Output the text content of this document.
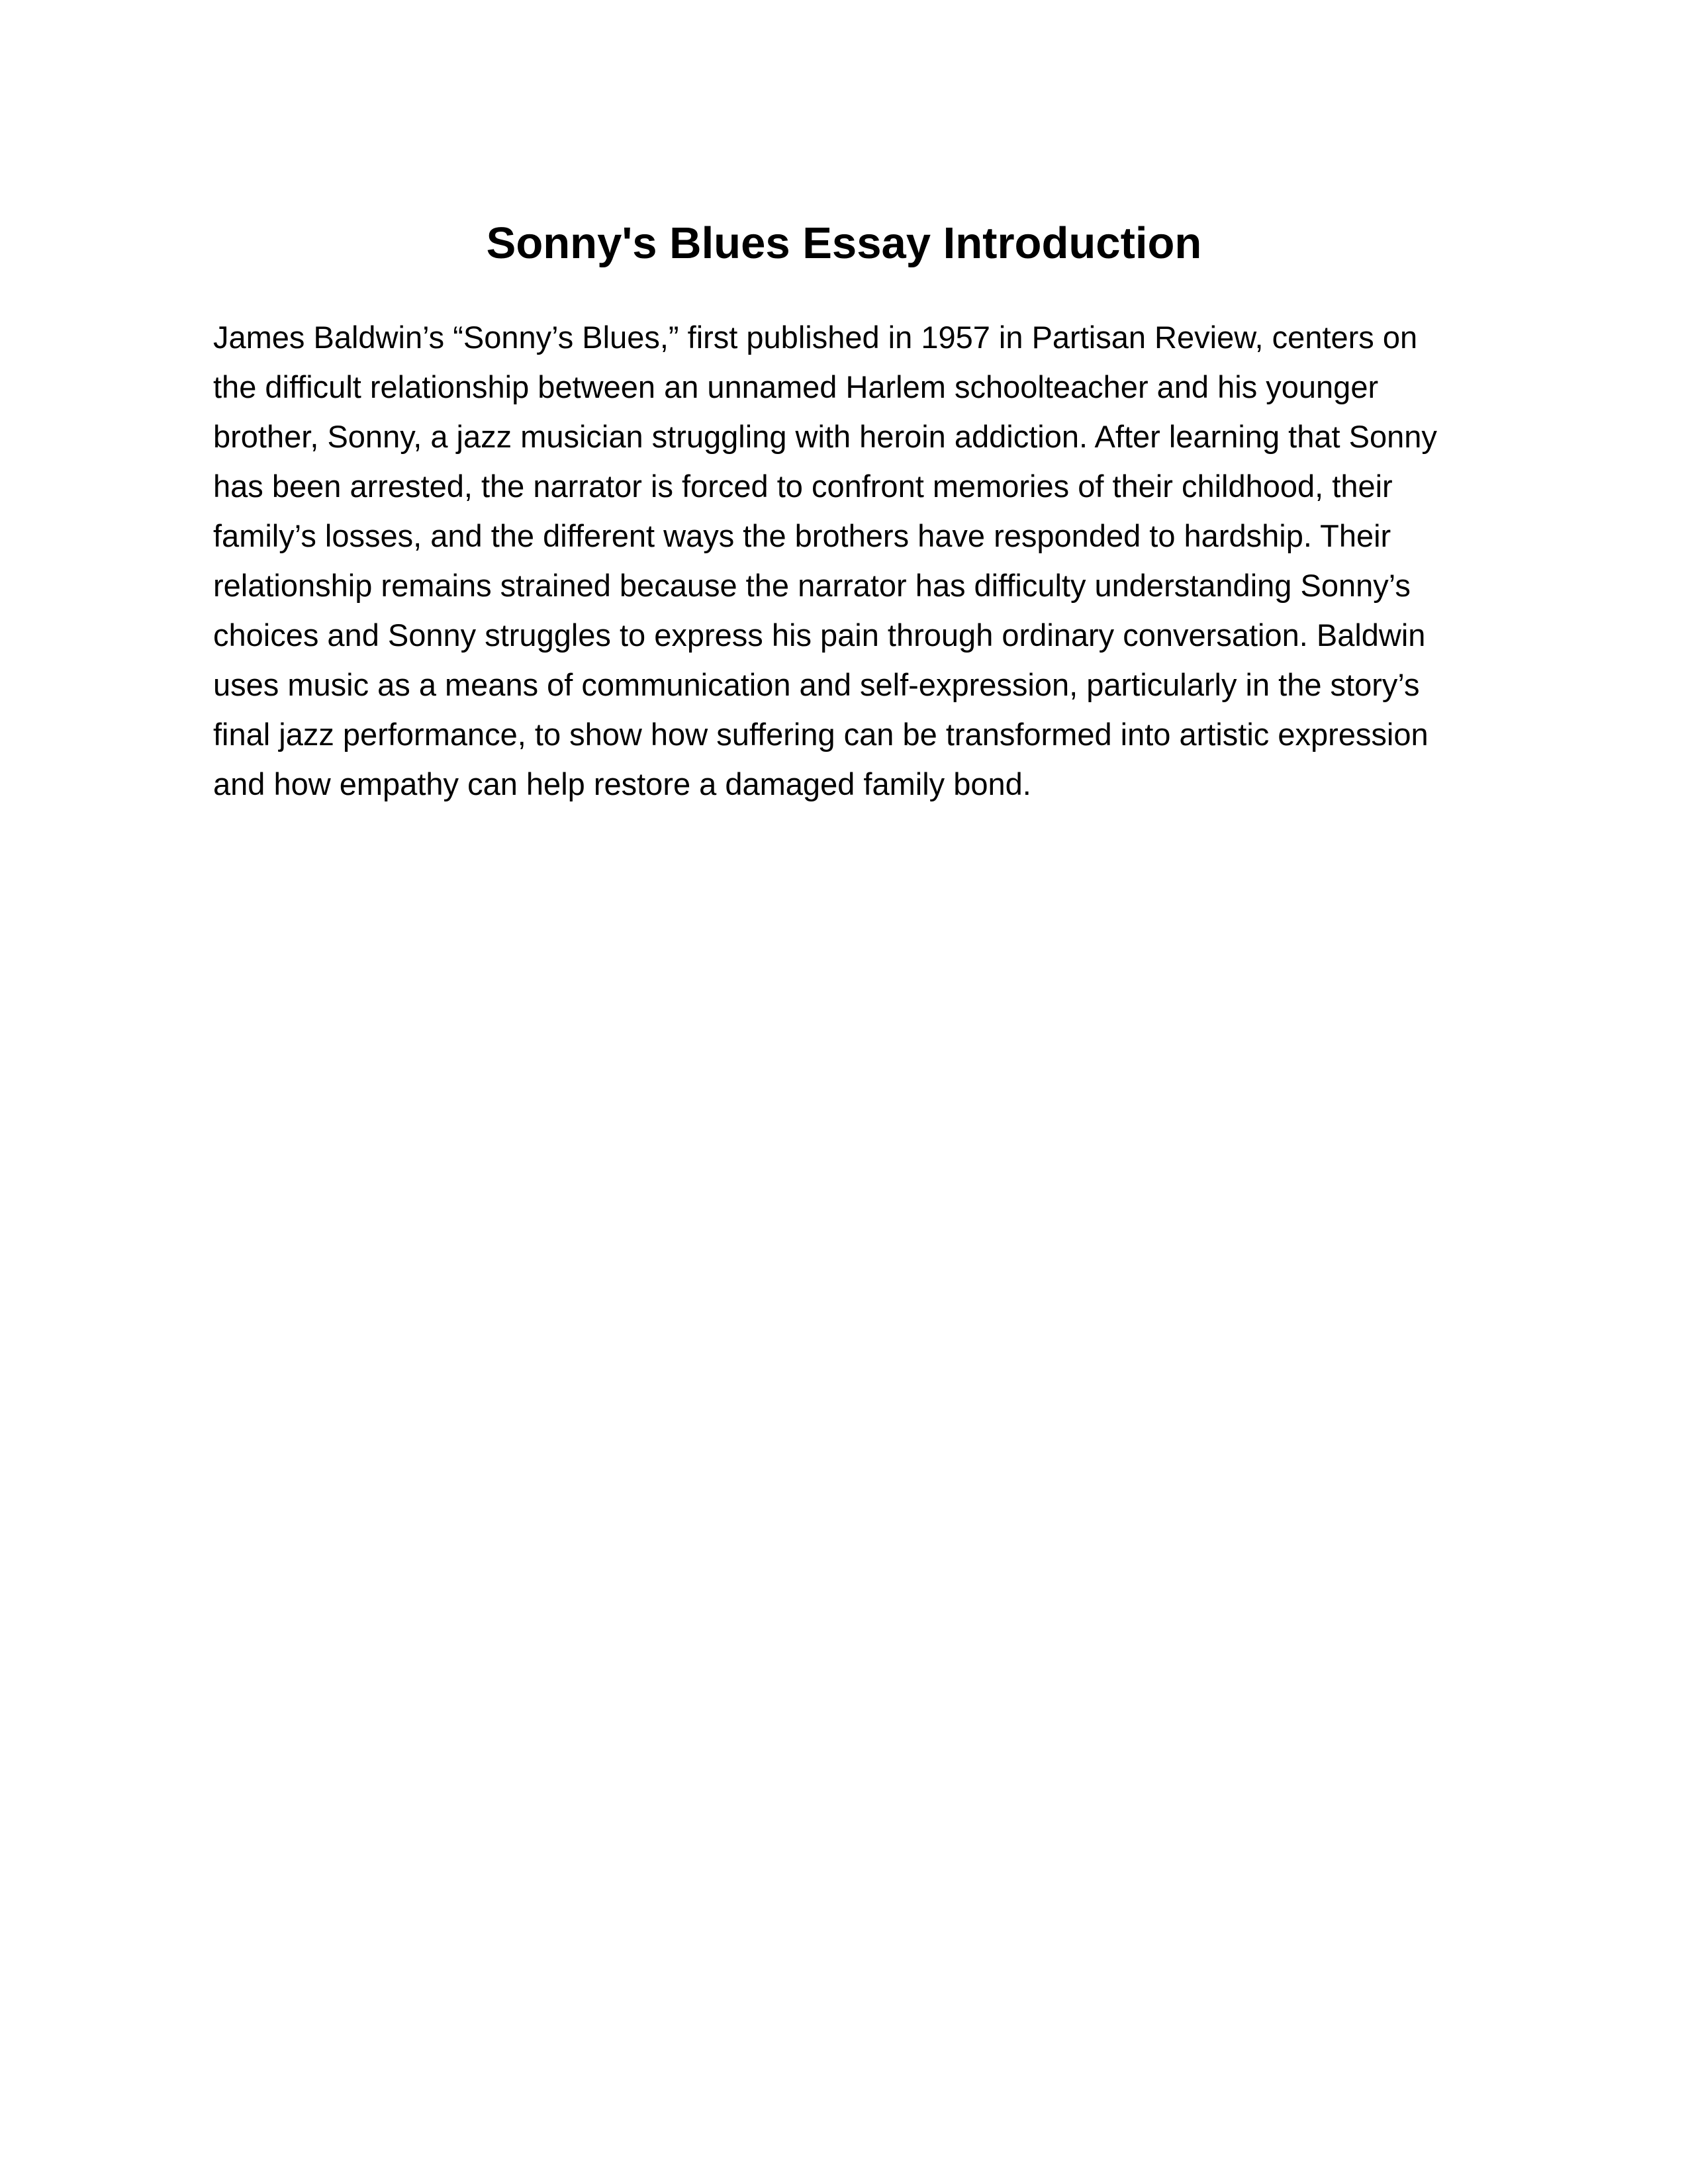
Sonny's Blues Essay Introduction
James Baldwin’s “Sonny’s Blues,” first published in 1957 in Partisan Review, centers on
the difficult relationship between an unnamed Harlem schoolteacher and his younger
brother, Sonny, a jazz musician struggling with heroin addiction. After learning that Sonny
has been arrested, the narrator is forced to confront memories of their childhood, their
family’s losses, and the different ways the brothers have responded to hardship. Their
relationship remains strained because the narrator has difficulty understanding Sonny’s
choices and Sonny struggles to express his pain through ordinary conversation. Baldwin
uses music as a means of communication and self-expression, particularly in the story’s
final jazz performance, to show how suffering can be transformed into artistic expression
and how empathy can help restore a damaged family bond.
